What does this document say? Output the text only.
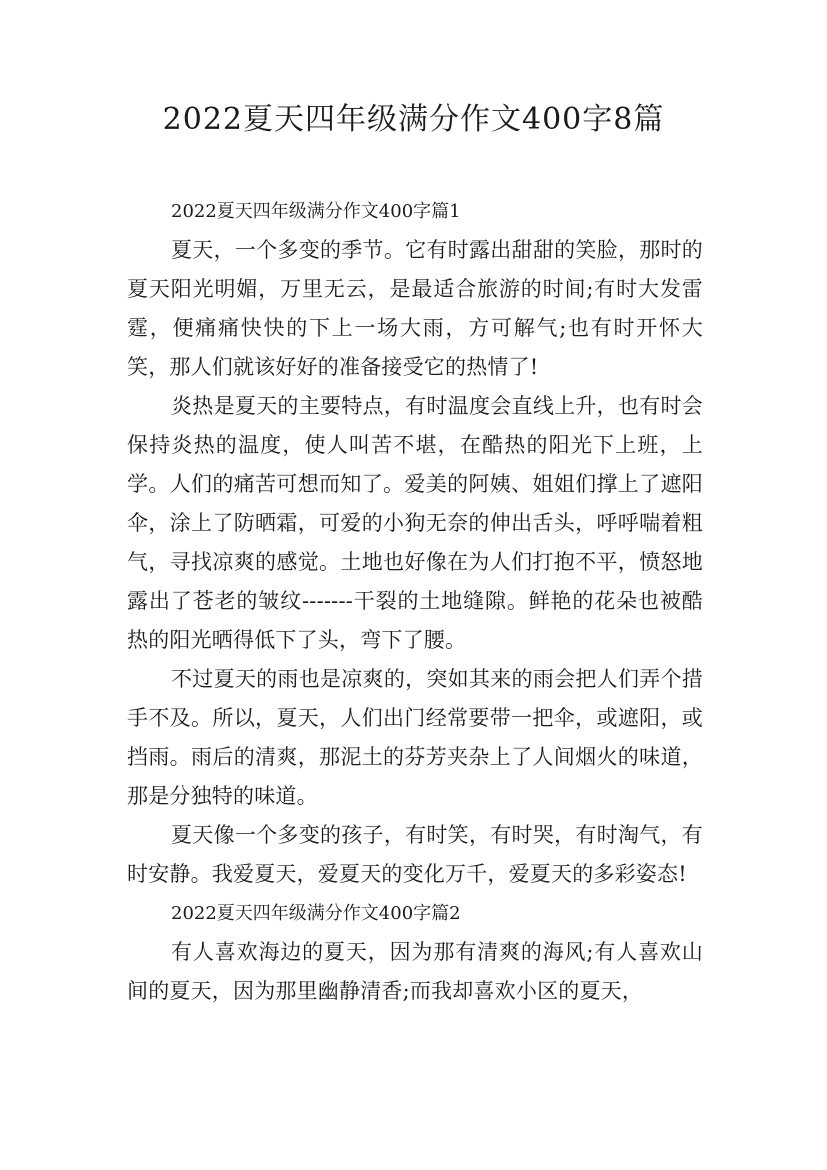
2022夏天四年级满分作文400字8篇
2022夏天四年级满分作文400字篇1

夏天，一个多变的季节。它有时露出甜甜的笑脸，那时的夏天阳光明媚，万里无云，是最适合旅游的时间;有时大发雷霆，便痛痛快快的下上一场大雨，方可解气;也有时开怀大笑，那人们就该好好的准备接受它的热情了!

炎热是夏天的主要特点，有时温度会直线上升，也有时会保持炎热的温度，使人叫苦不堪，在酷热的阳光下上班，上学。人们的痛苦可想而知了。爱美的阿姨、姐姐们撑上了遮阳伞，涂上了防晒霜，可爱的小狗无奈的伸出舌头，呼呼喘着粗气，寻找凉爽的感觉。土地也好像在为人们打抱不平，愤怒地露出了苍老的皱纹-------干裂的土地缝隙。鲜艳的花朵也被酷热的阳光晒得低下了头，弯下了腰。

不过夏天的雨也是凉爽的，突如其来的雨会把人们弄个措手不及。所以，夏天，人们出门经常要带一把伞，或遮阳，或挡雨。雨后的清爽，那泥土的芬芳夹杂上了人间烟火的味道，那是分独特的味道。

夏天像一个多变的孩子，有时笑，有时哭，有时淘气，有时安静。我爱夏天，爱夏天的变化万千，爱夏天的多彩姿态!

2022夏天四年级满分作文400字篇2

有人喜欢海边的夏天，因为那有清爽的海风;有人喜欢山间的夏天，因为那里幽静清香;而我却喜欢小区的夏天，
